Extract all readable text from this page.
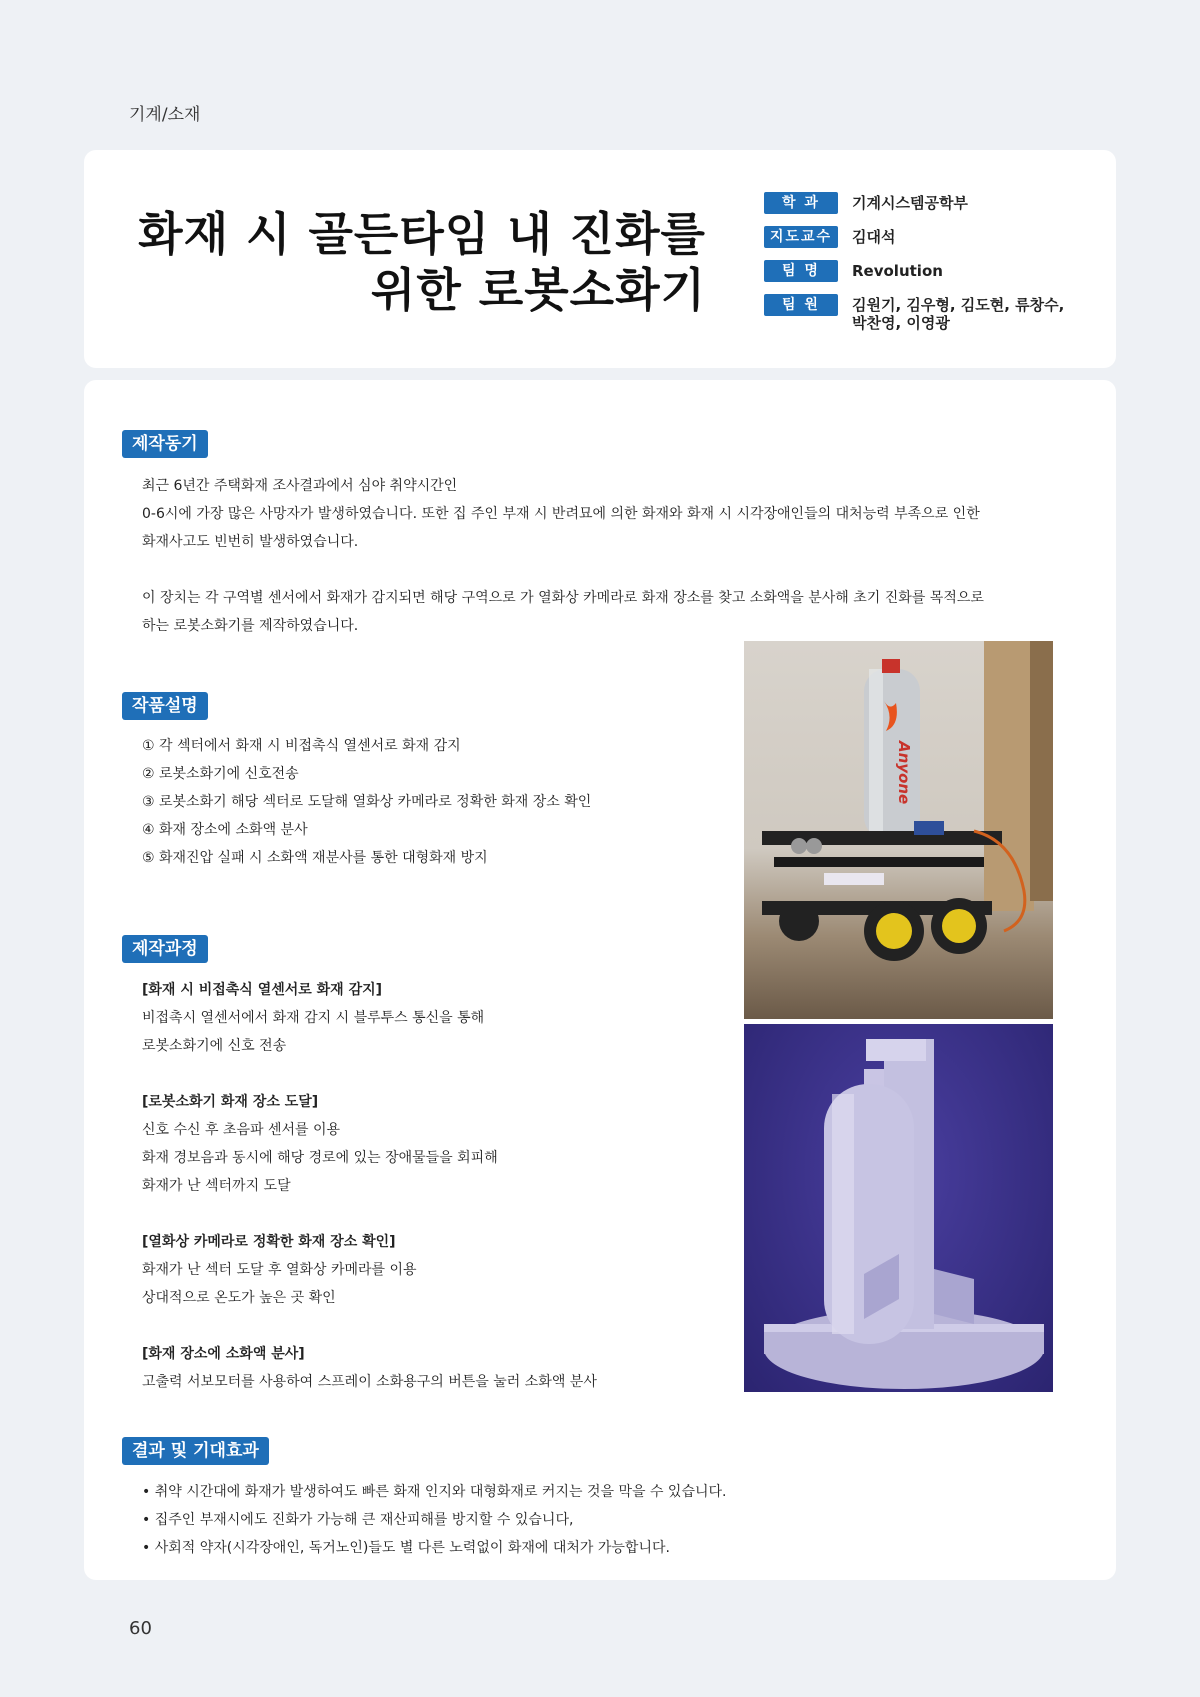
기계/소재
화재 시 골든타임 내 진화를
위한 로봇소화기
학 과	기계시스템공학부
지도교수	김대석
팀 명	Revolution
팀 원	김원기, 김우형, 김도현, 류창수,
박찬영, 이영광
제작동기
최근 6년간 주택화재 조사결과에서 심야 취약시간인
0-6시에 가장 많은 사망자가 발생하였습니다. 또한 집 주인 부재 시 반려묘에 의한 화재와 화재 시 시각장애인들의 대처능력 부족으로 인한
화재사고도 빈번히 발생하였습니다.
이 장치는 각 구역별 센서에서 화재가 감지되면 해당 구역으로 가 열화상 카메라로 화재 장소를 찾고 소화액을 분사해 초기 진화를 목적으로
하는 로봇소화기를 제작하였습니다.
작품설명
① 각 섹터에서 화재 시 비접촉식 열센서로 화재 감지
② 로봇소화기에 신호전송
③ 로봇소화기 해당 섹터로 도달해 열화상 카메라로 정확한 화재 장소 확인
④ 화재 장소에 소화액 분사
⑤ 화재진압 실패 시 소화액 재분사를 통한 대형화재 방지
제작과정
[화재 시 비접촉식 열센서로 화재 감지]
비접촉시 열센서에서 화재 감지 시 블루투스 통신을 통해
로봇소화기에 신호 전송
[로봇소화기 화재 장소 도달]
신호 수신 후 초음파 센서를 이용
화재 경보음과 동시에 해당 경로에 있는 장애물들을 회피해
화재가 난 섹터까지 도달
[열화상 카메라로 정확한 화재 장소 확인]
화재가 난 섹터 도달 후 열화상 카메라를 이용
상대적으로 온도가 높은 곳 확인
[화재 장소에 소화액 분사]
고출력 서보모터를 사용하여 스프레이 소화용구의 버튼을 눌러 소화액 분사
결과 및 기대효과
• 취약 시간대에 화재가 발생하여도 빠른 화재 인지와 대형화재로 커지는 것을 막을 수 있습니다.
• 집주인 부재시에도 진화가 가능해 큰 재산피해를 방지할 수 있습니다,
• 사회적 약자(시각장애인, 독거노인)들도 별 다른 노력없이 화재에 대처가 가능합니다.
Anyone
60
